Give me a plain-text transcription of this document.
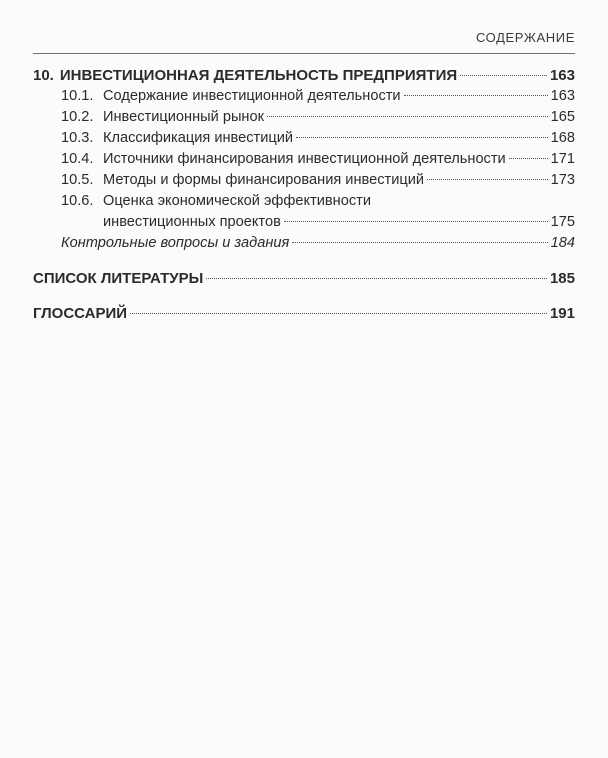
СОДЕРЖАНИЕ
10. ИНВЕСТИЦИОННАЯ ДЕЯТЕЛЬНОСТЬ ПРЕДПРИЯТИЯ	163
10.1. Содержание инвестиционной деятельности	163
10.2. Инвестиционный рынок	165
10.3. Классификация инвестиций	168
10.4. Источники финансирования инвестиционной деятельности	171
10.5. Методы и формы финансирования инвестиций	173
10.6. Оценка экономической эффективности
инвестиционных проектов	175
Контрольные вопросы и задания	184
СПИСОК ЛИТЕРАТУРЫ	185
ГЛОССАРИЙ	191
